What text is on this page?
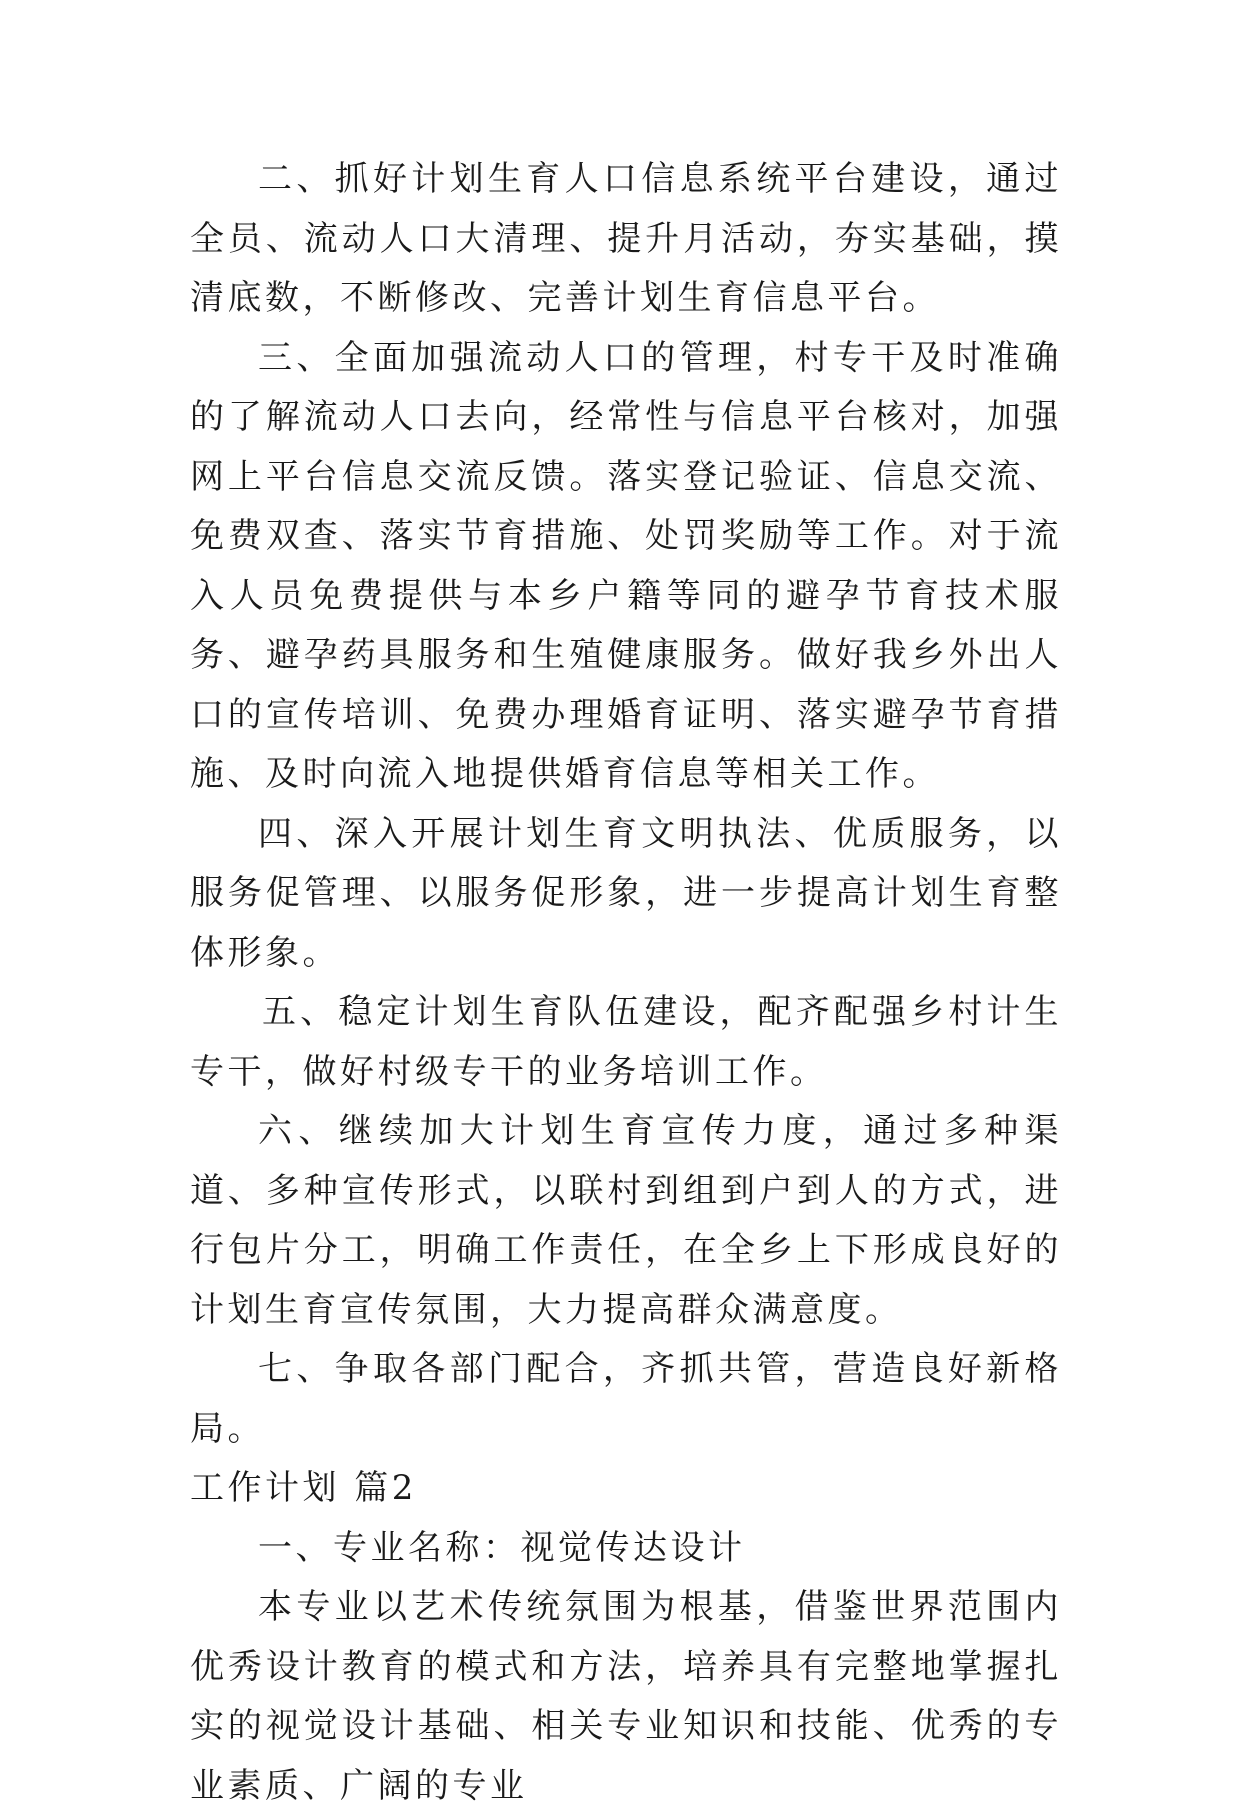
二、抓好计划生育人口信息系统平台建设，通过全员、流动人口大清理、提升月活动，夯实基础，摸清底数，不断修改、完善计划生育信息平台。

三、全面加强流动人口的管理，村专干及时准确的了解流动人口去向，经常性与信息平台核对，加强网上平台信息交流反馈。落实登记验证、信息交流、免费双查、落实节育措施、处罚奖励等工作。对于流入人员免费提供与本乡户籍等同的避孕节育技术服务、避孕药具服务和生殖健康服务。做好我乡外出人口的宣传培训、免费办理婚育证明、落实避孕节育措施、及时向流入地提供婚育信息等相关工作。

四、深入开展计划生育文明执法、优质服务，以服务促管理、以服务促形象，进一步提高计划生育整体形象。

五、稳定计划生育队伍建设，配齐配强乡村计生专干，做好村级专干的业务培训工作。

六、继续加大计划生育宣传力度，通过多种渠道、多种宣传形式，以联村到组到户到人的方式，进行包片分工，明确工作责任，在全乡上下形成良好的计划生育宣传氛围，大力提高群众满意度。

七、争取各部门配合，齐抓共管，营造良好新格局。

工作计划 篇2

一、专业名称：视觉传达设计

本专业以艺术传统氛围为根基，借鉴世界范围内优秀设计教育的模式和方法，培养具有完整地掌握扎实的视觉设计基础、相关专业知识和技能、优秀的专业素质、广阔的专业
